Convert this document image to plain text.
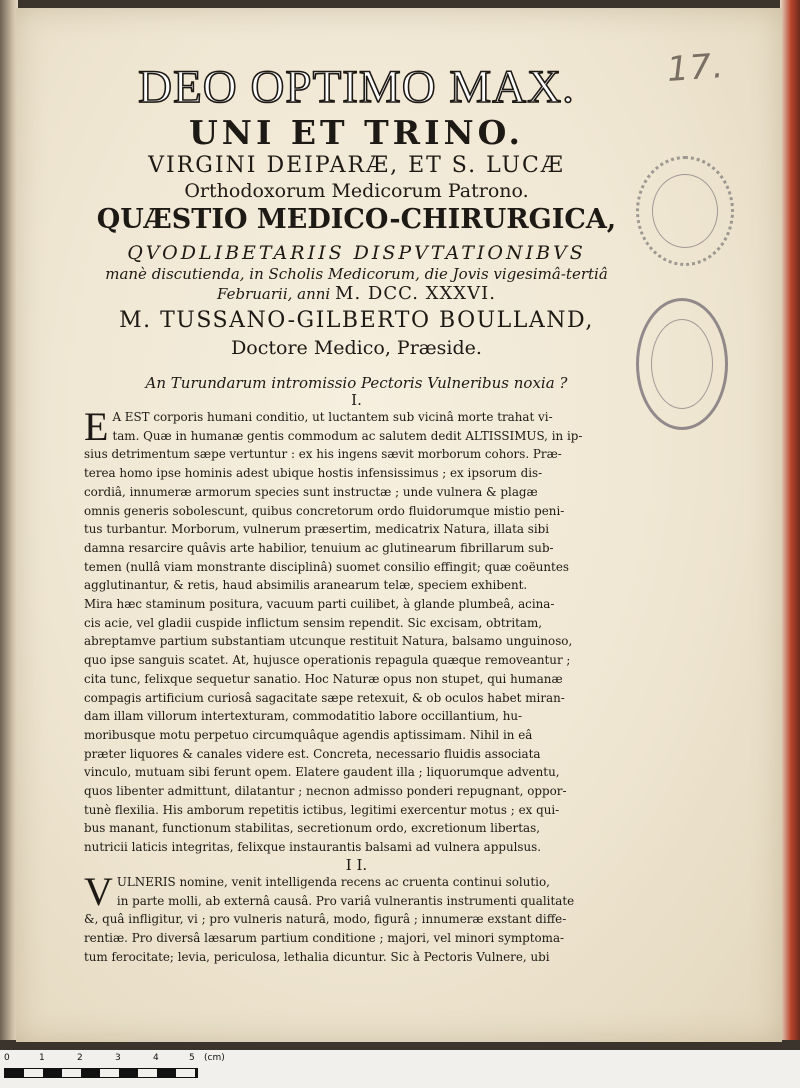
17.
DEO OPTIMO MAX.
UNI ET TRINO.
VIRGINI DEIPARÆ, ET S. LUCÆ
Orthodoxorum Medicorum Patrono.
QUÆSTIO MEDICO-CHIRURGICA,
QVODLIBETARIIS DISPVTATIONIBVS
manè discutienda, in Scholis Medicorum, die Jovis vigesimâ-tertiâ
Februarii, anni M. DCC. XXXVI.
M. TUSSANO-GILBERTO BOULLAND,
Doctore Medico, Præside.
An Turundarum intromissio Pectoris Vulneribus noxia ?
I.
E A EST corporis humani conditio, ut luctantem sub vicinâ morte trahat vi-
tam. Quæ in humanæ gentis commodum ac salutem dedit ALTISSIMUS, in ip-
sius detrimentum sæpe vertuntur : ex his ingens sævit morborum cohors. Præ-
terea homo ipse hominis adest ubique hostis infensissimus ; ex ipsorum dis-
cordiâ, innumeræ armorum species sunt instructæ ; unde vulnera & plagæ
omnis generis sobolescunt, quibus concretorum ordo fluidorumque mistio peni-
tus turbantur. Morborum, vulnerum præsertim, medicatrix Natura, illata sibi
damna resarcire quâvis arte habilior, tenuium ac glutinearum fibrillarum sub-
temen (nullâ viam monstrante disciplinâ) suomet consilio effingit; quæ coëuntes
agglutinantur, & retis, haud absimilis aranearum telæ, speciem exhibent.
Mira hæc staminum positura, vacuum parti cuilibet, à glande plumbeâ, acina-
cis acie, vel gladii cuspide inflictum sensim rependit. Sic excisam, obtritam,
abreptamve partium substantiam utcunque restituit Natura, balsamo unguinoso,
quo ipse sanguis scatet. At, hujusce operationis repagula quæque removeantur ;
cita tunc, felixque sequetur sanatio. Hoc Naturæ opus non stupet, qui humanæ
compagis artificium curiosâ sagacitate sæpe retexuit, & ob oculos habet miran-
dam illam villorum intertexturam, commodatitio labore occillantium, hu-
moribusque motu perpetuo circumquâque agendis aptissimam. Nihil in eâ
præter liquores & canales videre est. Concreta, necessario fluidis associata
vinculo, mutuam sibi ferunt opem. Elatere gaudent illa ; liquorumque adventu,
quos libenter admittunt, dilatantur ; necnon admisso ponderi repugnant, oppor-
tunè flexilia. His amborum repetitis ictibus, legitimi exercentur motus ; ex qui-
bus manant, functionum stabilitas, secretionum ordo, excretionum libertas,
nutricii laticis integritas, felixque instaurantis balsami ad vulnera appulsus.
I I.
V ULNERIS nomine, venit intelligenda recens ac cruenta continui solutio,
in parte molli, ab externâ causâ. Pro variâ vulnerantis instrumenti qualitate
&, quâ infligitur, vi ; pro vulneris naturâ, modo, figurâ ; innumeræ exstant diffe-
rentiæ. Pro diversâ læsarum partium conditione ; majori, vel minori symptoma-
tum ferocitate; levia, periculosa, lethalia dicuntur. Sic à Pectoris Vulnere, ubi
0	1	2	3	4	5 (cm)
